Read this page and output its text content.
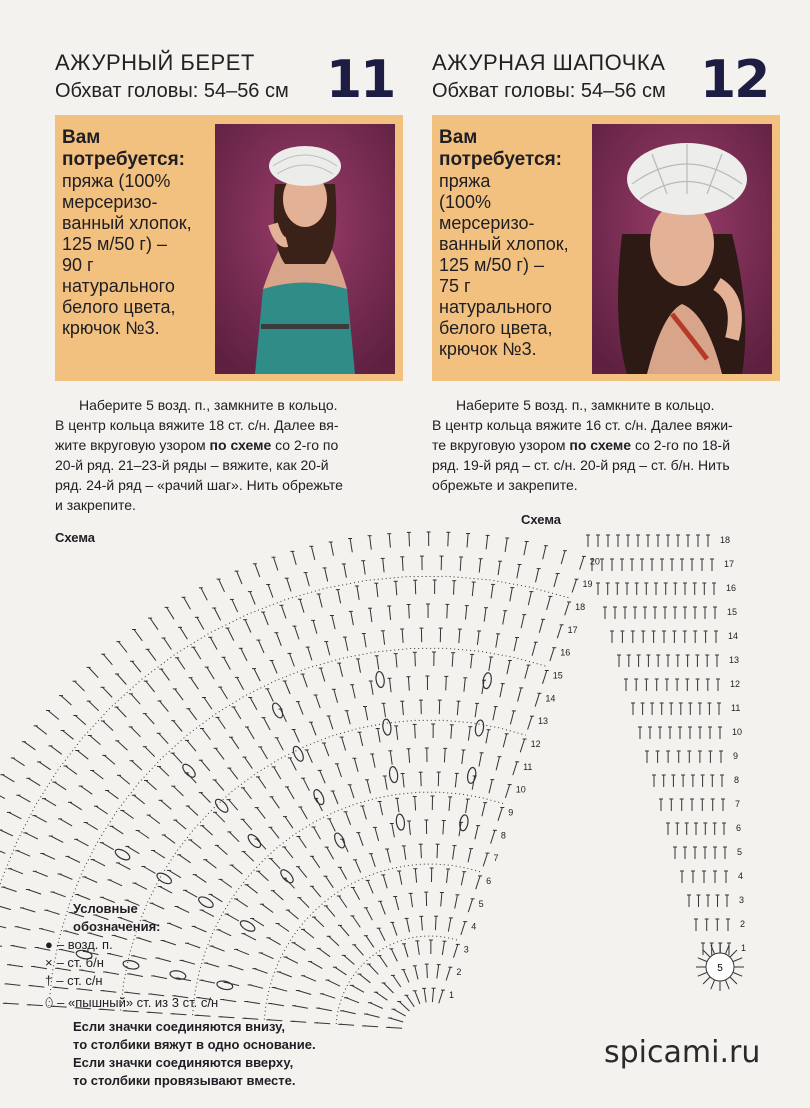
АЖУРНЫЙ БЕРЕТ
Обхват головы: 54–56 см 11 АЖУРНАЯ ШАПОЧКА
Обхват головы: 54–56 см 12
Вам
потребуется:
пряжа (100%
мерсеризо-
ванный хлопок,
125 м/50 г) –
90 г
натурального
белого цвета,
крючок №3.
Вам
потребуется:
пряжа
(100%
мерсеризо-
ванный хлопок,
125 м/50 г) –
75 г
натурального
белого цвета,
крючок №3.
Наберите 5 возд. п., замкните в кольцо.
В центр кольца вяжите 18 ст. с/н. Далее вя-
жите вкруговую узором по схеме со 2-го по
20-й ряд. 21–23-й ряды – вяжите, как 20-й
ряд. 24-й ряд – «рачий шаг». Нить обрежьте
и закрепите.
Наберите 5 возд. п., замкните в кольцо.
В центр кольца вяжите 16 ст. с/н. Далее вяжи-
те вкруговую узором по схеме со 2-го по 18-й
ряд. 19-й ряд – ст. с/н. 20-й ряд – ст. б/н. Нить
обрежьте и закрепите.
Схема
Схема
1
2
3
4
5
6
7
8
9
10
11
12
13
14
15
16
17
18
19
20
5
1
2
3
4
5
6
7
8
9
10
11
12
13
14
15
16
17
18
Условные
обозначения:
● – возд. п.
× – ст. б/н
† – ст. с/н
⬯ – «пышный» ст. из 3 ст. с/н
Если значки соединяются внизу,
то столбики вяжут в одно основание.
Если значки соединяются вверху,
то столбики провязывают вместе.
spicami.ru
